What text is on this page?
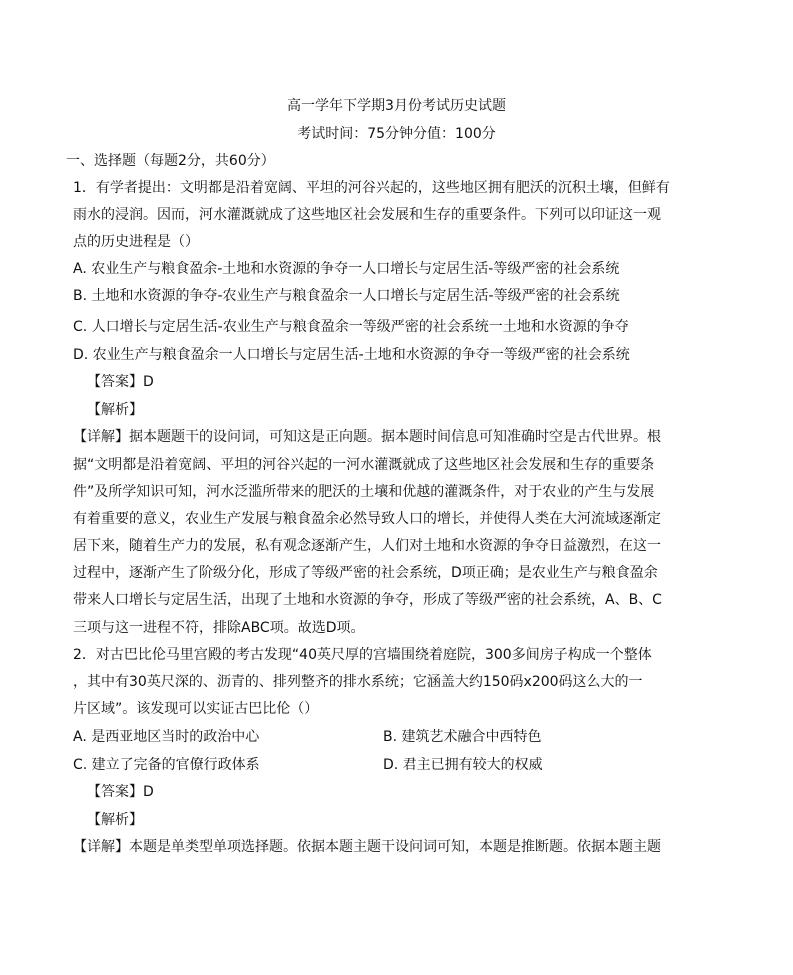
高一学年下学期3月份考试历史试题
考试时间：75分钟分值：100分
一、选择题（每题2分，共60分）
1．有学者提出：文明都是沿着宽阔、平坦的河谷兴起的，这些地区拥有肥沃的沉积土壤，但鲜有
雨水的浸润。因而，河水灌溉就成了这些地区社会发展和生存的重要条件。下列可以印证这一观
点的历史进程是（）
A. 农业生产与粮食盈余-土地和水资源的争夺一人口增长与定居生活-等级严密的社会系统
B. 土地和水资源的争夺-农业生产与粮食盈余一人口增长与定居生活-等级严密的社会系统
C. 人口增长与定居生活-农业生产与粮食盈余一等级严密的社会系统一土地和水资源的争夺
D. 农业生产与粮食盈余一人口增长与定居生活-土地和水资源的争夺一等级严密的社会系统
【答案】D
【解析】
【详解】据本题题干的设问词，可知这是正向题。据本题时间信息可知准确时空是古代世界。根
据“文明都是沿着宽阔、平坦的河谷兴起的一河水灌溉就成了这些地区社会发展和生存的重要条
件”及所学知识可知，河水泛滥所带来的肥沃的土壤和优越的灌溉条件，对于农业的产生与发展
有着重要的意义，农业生产发展与粮食盈余必然导致人口的增长，并使得人类在大河流域逐渐定
居下来，随着生产力的发展，私有观念逐渐产生，人们对土地和水资源的争夺日益激烈，在这一
过程中，逐渐产生了阶级分化，形成了等级严密的社会系统，D项正确；是农业生产与粮食盈余
带来人口增长与定居生活，出现了土地和水资源的争夺，形成了等级严密的社会系统，A、B、C
三项与这一进程不符，排除ABC项。故选D项。
2．对古巴比伦马里宫殿的考古发现“40英尺厚的宫墙围绕着庭院，300多间房子构成一个整体
，其中有30英尺深的、沥青的、排列整齐的排水系统；它涵盖大约150码x200码这么大的一
片区域”。该发现可以实证古巴比伦（）
A. 是西亚地区当时的政治中心	B. 建筑艺术融合中西特色
C. 建立了完备的官僚行政体系	D. 君主已拥有较大的权威
【答案】D
【解析】
【详解】本题是单类型单项选择题。依据本题主题干设问词可知，本题是推断题。依据本题主题
